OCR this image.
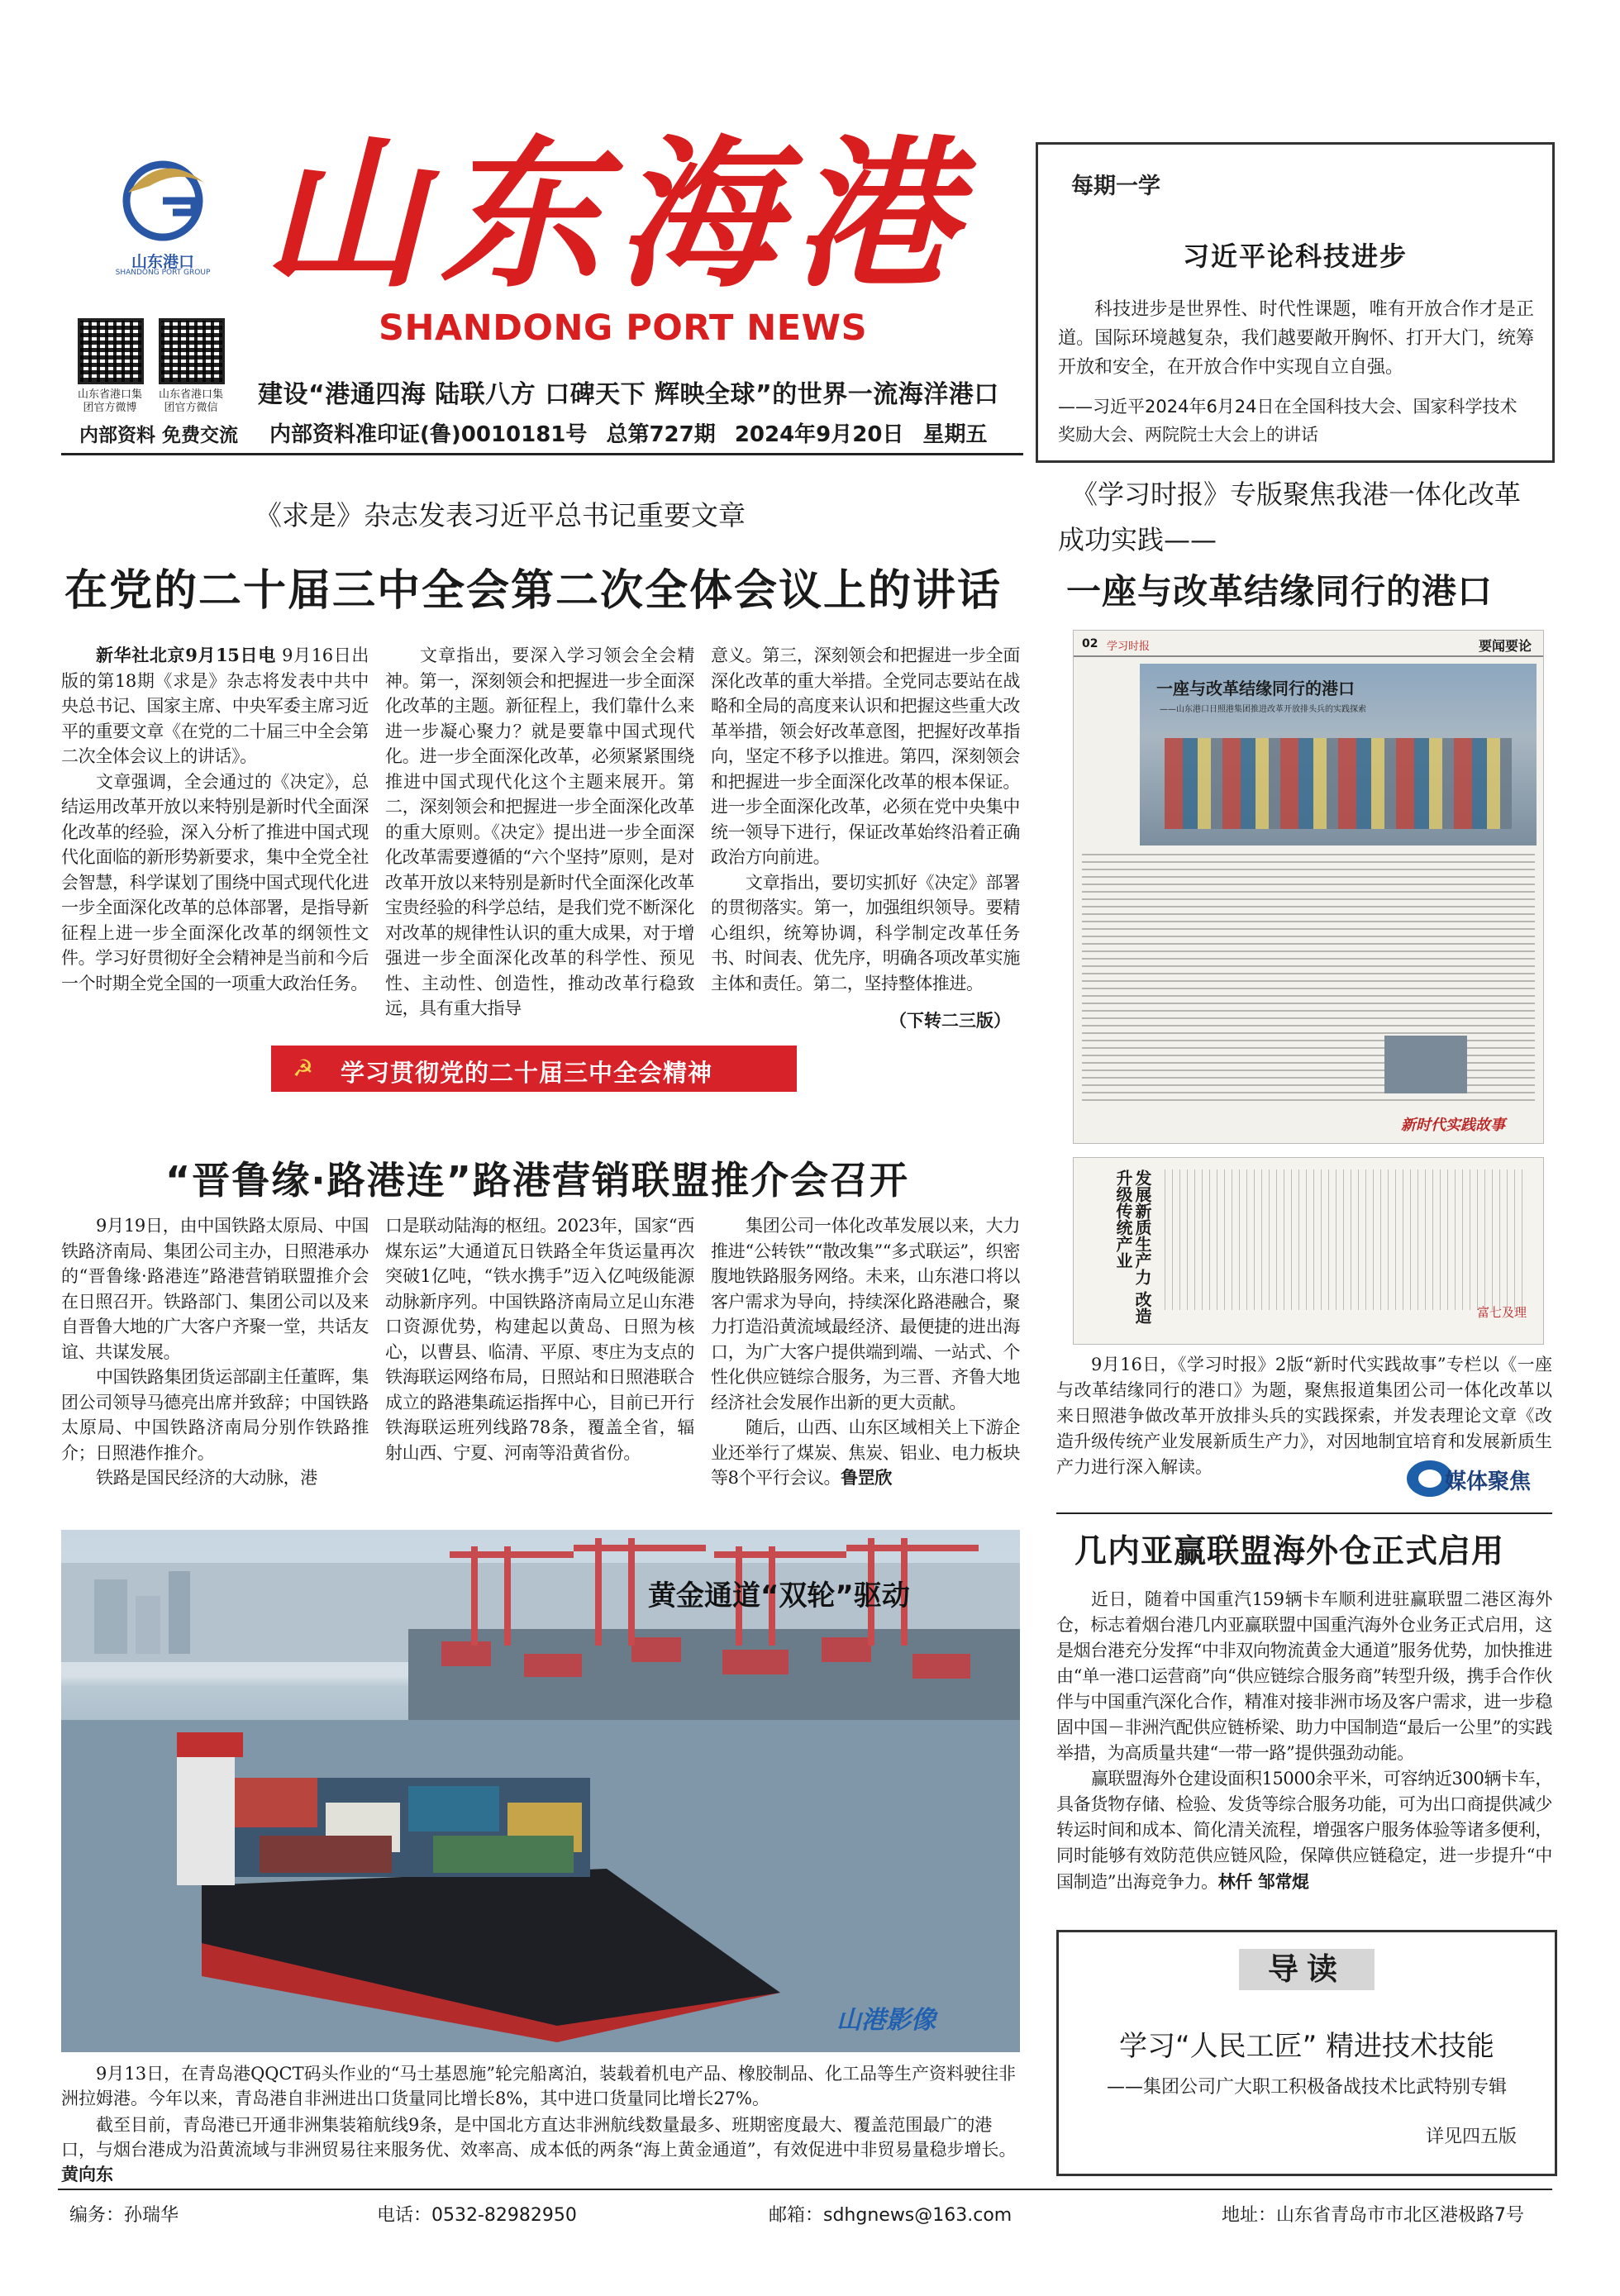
山东港口
SHANDONG PORT GROUP 山东海港
SHANDONG PORT NEWS
山东省港口集团官方微博
山东省港口集团官方微信
内部资料 免费交流
建设“港通四海 陆联八方 口碑天下 辉映全球”的世界一流海洋港口
内部资料准印证(鲁)0010181号 总第727期 2024年9月20日 星期五
每期一学
习近平论科技进步
科技进步是世界性、时代性课题，唯有开放合作才是正道。国际环境越复杂，我们越要敞开胸怀、打开大门，统筹开放和安全，在开放合作中实现自立自强。
——习近平2024年6月24日在全国科技大会、国家科学技术奖励大会、两院院士大会上的讲话
《求是》杂志发表习近平总书记重要文章
在党的二十届三中全会第二次全体会议上的讲话

新华社北京9月15日电 9月16日出版的第18期《求是》杂志将发表中共中央总书记、国家主席、中央军委主席习近平的重要文章《在党的二十届三中全会第二次全体会议上的讲话》。

文章强调，全会通过的《决定》，总结运用改革开放以来特别是新时代全面深化改革的经验，深入分析了推进中国式现代化面临的新形势新要求，集中全党全社会智慧，科学谋划了围绕中国式现代化进一步全面深化改革的总体部署，是指导新征程上进一步全面深化改革的纲领性文件。学习好贯彻好全会精神是当前和今后一个时期全党全国的一项重大政治任务。

文章指出，要深入学习领会全会精神。第一，深刻领会和把握进一步全面深化改革的主题。新征程上，我们靠什么来进一步凝心聚力？就是要靠中国式现代化。进一步全面深化改革，必须紧紧围绕推进中国式现代化这个主题来展开。第二，深刻领会和把握进一步全面深化改革的重大原则。《决定》提出进一步全面深化改革需要遵循的“六个坚持”原则，是对改革开放以来特别是新时代全面深化改革宝贵经验的科学总结，是我们党不断深化对改革的规律性认识的重大成果，对于增强进一步全面深化改革的科学性、预见性、主动性、创造性，推动改革行稳致远，具有重大指导

意义。第三，深刻领会和把握进一步全面深化改革的重大举措。全党同志要站在战略和全局的高度来认识和把握这些重大改革举措，领会好改革意图，把握好改革指向，坚定不移予以推进。第四，深刻领会和把握进一步全面深化改革的根本保证。进一步全面深化改革，必须在党中央集中统一领导下进行，保证改革始终沿着正确政治方向前进。

文章指出，要切实抓好《决定》部署的贯彻落实。第一，加强组织领导。要精心组织，统筹协调，科学制定改革任务书、时间表、优先序，明确各项改革实施主体和责任。第二，坚持整体推进。

（下转二三版）
☭ 学习贯彻党的二十届三中全会精神
“晋鲁缘·路港连”路港营销联盟推介会召开

9月19日，由中国铁路太原局、中国铁路济南局、集团公司主办，日照港承办的“晋鲁缘·路港连”路港营销联盟推介会在日照召开。铁路部门、集团公司以及来自晋鲁大地的广大客户齐聚一堂，共话友谊、共谋发展。

中国铁路集团货运部副主任董晖，集团公司领导马德亮出席并致辞；中国铁路太原局、中国铁路济南局分别作铁路推介；日照港作推介。

铁路是国民经济的大动脉，港

口是联动陆海的枢纽。2023年，国家“西煤东运”大通道瓦日铁路全年货运量再次突破1亿吨，“铁水携手”迈入亿吨级能源动脉新序列。中国铁路济南局立足山东港口资源优势，构建起以黄岛、日照为核心，以曹县、临清、平原、枣庄为支点的铁海联运网络布局，日照站和日照港联合成立的路港集疏运指挥中心，目前已开行铁海联运班列线路78条，覆盖全省，辐射山西、宁夏、河南等沿黄省份。

集团公司一体化改革发展以来，大力推进“公转铁”“散改集”“多式联运”，织密腹地铁路服务网络。未来，山东港口将以客户需求为导向，持续深化路港融合，聚力打造沿黄流域最经济、最便捷的进出海口，为广大客户提供端到端、一站式、个性化供应链综合服务，为三晋、齐鲁大地经济社会发展作出新的更大贡献。

随后，山西、山东区域相关上下游企业还举行了煤炭、焦炭、铝业、电力板块等8个平行会议。鲁罡欣

黄金通道“双轮”驱动
山港影像
9月13日，在青岛港QQCT码头作业的“马士基恩施”轮完船离泊，装载着机电产品、橡胶制品、化工品等生产资料驶往非洲拉姆港。今年以来，青岛港自非洲进出口货量同比增长8%，其中进口货量同比增长27%。
截至目前，青岛港已开通非洲集装箱航线9条，是中国北方直达非洲航线数量最多、班期密度最大、覆盖范围最广的港口，与烟台港成为沿黄流域与非洲贸易往来服务优、效率高、成本低的两条“海上黄金通道”，有效促进中非贸易量稳步增长。 黄向东
《学习时报》专版聚焦我港一体化改革
成功实践——
一座与改革结缘同行的港口
02 学习时报	要闻要论
一座与改革结缘同行的港口
——山东港口日照港集团推进改革开放排头兵的实践探索
新时代实践故事
发展新质生产力 改造升级传统产业
富七及理
9月16日，《学习时报》2版“新时代实践故事”专栏以《一座与改革结缘同行的港口》为题，聚焦报道集团公司一体化改革以来日照港争做改革开放排头兵的实践探索，并发表理论文章《改造升级传统产业发展新质生产力》，对因地制宜培育和发展新质生产力进行深入解读。
媒体聚焦
几内亚赢联盟海外仓正式启用

近日，随着中国重汽159辆卡车顺利进驻赢联盟二港区海外仓，标志着烟台港几内亚赢联盟中国重汽海外仓业务正式启用，这是烟台港充分发挥“中非双向物流黄金大通道”服务优势，加快推进由“单一港口运营商”向“供应链综合服务商”转型升级，携手合作伙伴与中国重汽深化合作，精准对接非洲市场及客户需求，进一步稳固中国－非洲汽配供应链桥梁、助力中国制造“最后一公里”的实践举措，为高质量共建“一带一路”提供强劲动能。

赢联盟海外仓建设面积15000余平米，可容纳近300辆卡车，具备货物存储、检验、发货等综合服务功能，可为出口商提供减少转运时间和成本、简化清关流程，增强客户服务体验等诸多便利，同时能够有效防范供应链风险，保障供应链稳定，进一步提升“中国制造”出海竞争力。林仟 邹常焜

导读
学习“人民工匠” 精进技术技能
——集团公司广大职工积极备战技术比武特别专辑
详见四五版
编务：孙瑞华	电话：0532-82982950	邮箱：sdhgnews@163.com	地址：山东省青岛市市北区港极路7号
